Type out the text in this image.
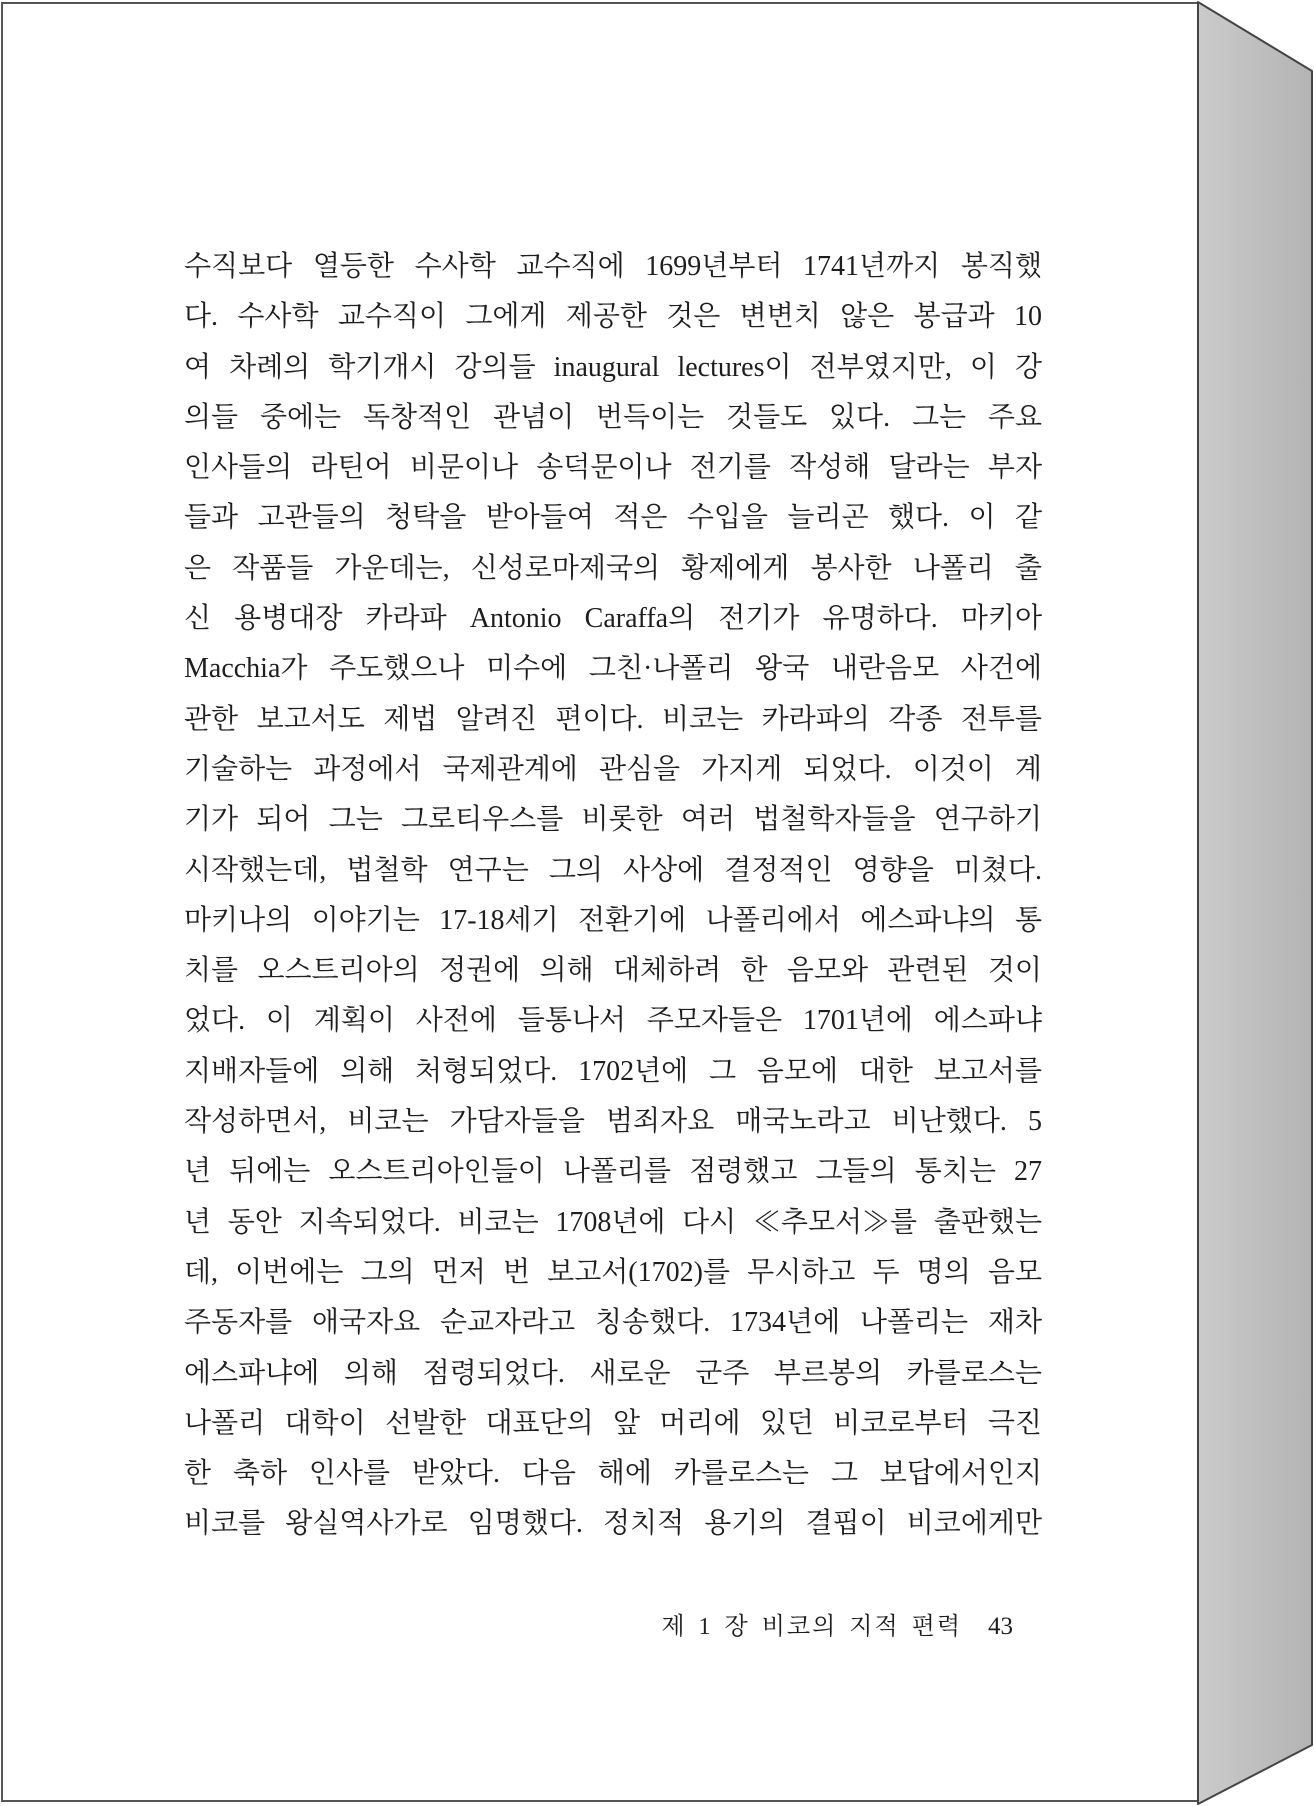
수직보다 열등한 수사학 교수직에 1699년부터 1741년까지 봉직했
다. 수사학 교수직이 그에게 제공한 것은 변변치 않은 봉급과 10
여 차례의 학기개시 강의들 inaugural lectures이 전부였지만, 이 강
의들 중에는 독창적인 관념이 번득이는 것들도 있다. 그는 주요
인사들의 라틴어 비문이나 송덕문이나 전기를 작성해 달라는 부자
들과 고관들의 청탁을 받아들여 적은 수입을 늘리곤 했다. 이 같
은 작품들 가운데는, 신성로마제국의 황제에게 봉사한 나폴리 출
신 용병대장 카라파 Antonio Caraffa의 전기가 유명하다. 마키아
Macchia가 주도했으나 미수에 그친·나폴리 왕국 내란음모 사건에
관한 보고서도 제법 알려진 편이다. 비코는 카라파의 각종 전투를
기술하는 과정에서 국제관계에 관심을 가지게 되었다. 이것이 계
기가 되어 그는 그로티우스를 비롯한 여러 법철학자들을 연구하기
시작했는데, 법철학 연구는 그의 사상에 결정적인 영향을 미쳤다.
마키나의 이야기는 17-18세기 전환기에 나폴리에서 에스파냐의 통
치를 오스트리아의 정권에 의해 대체하려 한 음모와 관련된 것이
었다. 이 계획이 사전에 들통나서 주모자들은 1701년에 에스파냐
지배자들에 의해 처형되었다. 1702년에 그 음모에 대한 보고서를
작성하면서, 비코는 가담자들을 범죄자요 매국노라고 비난했다. 5
년 뒤에는 오스트리아인들이 나폴리를 점령했고 그들의 통치는 27
년 동안 지속되었다. 비코는 1708년에 다시 ≪추모서≫를 출판했는
데, 이번에는 그의 먼저 번 보고서(1702)를 무시하고 두 명의 음모
주동자를 애국자요 순교자라고 칭송했다. 1734년에 나폴리는 재차
에스파냐에 의해 점령되었다. 새로운 군주 부르봉의 카를로스는
나폴리 대학이 선발한 대표단의 앞 머리에 있던 비코로부터 극진
한 축하 인사를 받았다. 다음 해에 카를로스는 그 보답에서인지
비코를 왕실역사가로 임명했다. 정치적 용기의 결핍이 비코에게만
제 1 장 비코의 지적 편력 43
